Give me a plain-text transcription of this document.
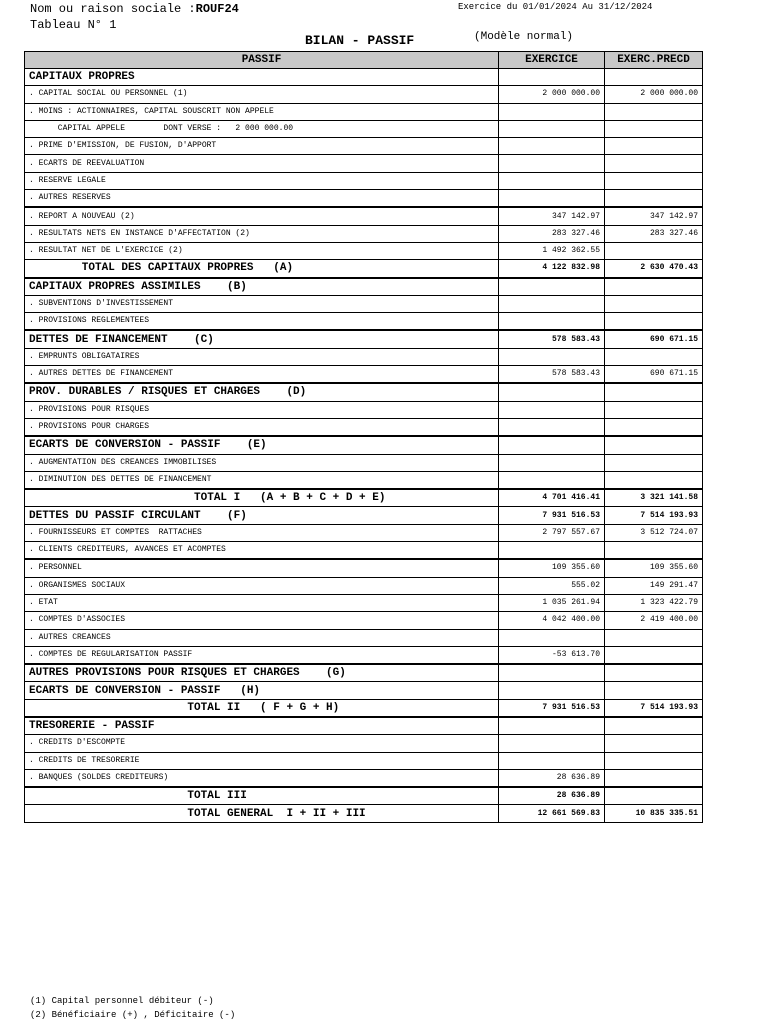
Nom ou raison sociale :ROUF24
Tableau N° 1
Exercice du 01/01/2024 Au 31/12/2024
BILAN - PASSIF	(Modèle normal)
PASSIF	EXERCICE	EXERC.PRECD
CAPITAUX PROPRES		
. CAPITAL SOCIAL OU PERSONNEL (1)	2 000 000.00	2 000 000.00
. MOINS : ACTIONNAIRES, CAPITAL SOUSCRIT NON APPELE		
CAPITAL APPELE        DONT VERSE :   2 000 000.00		
. PRIME D'EMISSION, DE FUSION, D'APPORT		
. ECARTS DE REEVALUATION		
. RESERVE LEGALE		
. AUTRES RESERVES		
. REPORT A NOUVEAU (2)	347 142.97	347 142.97
. RESULTATS NETS EN INSTANCE D'AFFECTATION (2)	283 327.46	283 327.46
. RESULTAT NET DE L'EXERCICE (2)	1 492 362.55	
TOTAL DES CAPITAUX PROPRES   (A)	4 122 832.98	2 630 470.43
CAPITAUX PROPRES ASSIMILES    (B)		
. SUBVENTIONS D'INVESTISSEMENT		
. PROVISIONS REGLEMENTEES		
DETTES DE FINANCEMENT    (C)	578 583.43	690 671.15
. EMPRUNTS OBLIGATAIRES		
. AUTRES DETTES DE FINANCEMENT	578 583.43	690 671.15
PROV. DURABLES / RISQUES ET CHARGES    (D)		
. PROVISIONS POUR RISQUES		
. PROVISIONS POUR CHARGES		
ECARTS DE CONVERSION - PASSIF    (E)		
. AUGMENTATION DES CREANCES IMMOBILISES		
. DIMINUTION DES DETTES DE FINANCEMENT		
TOTAL I   (A + B + C + D + E)	4 701 416.41	3 321 141.58
DETTES DU PASSIF CIRCULANT    (F)	7 931 516.53	7 514 193.93
. FOURNISSEURS ET COMPTES  RATTACHES	2 797 557.67	3 512 724.07
. CLIENTS CREDITEURS, AVANCES ET ACOMPTES		
. PERSONNEL	109 355.60	109 355.60
. ORGANISMES SOCIAUX	555.02	149 291.47
. ETAT	1 035 261.94	1 323 422.79
. COMPTES D'ASSOCIES	4 042 400.00	2 419 400.00
. AUTRES CREANCES		
. COMPTES DE REGULARISATION PASSIF	-53 613.70	
AUTRES PROVISIONS POUR RISQUES ET CHARGES    (G)		
ECARTS DE CONVERSION - PASSIF   (H)		
TOTAL II   ( F + G + H)	7 931 516.53	7 514 193.93
TRESORERIE - PASSIF		
. CREDITS D'ESCOMPTE		
. CREDITS DE TRESORERIE		
. BANQUES (SOLDES CREDITEURS)	28 636.89	
TOTAL III	28 636.89	
TOTAL GENERAL  I + II + III	12 661 569.83	10 835 335.51
(1) Capital personnel débiteur (-)
(2) Bénéficiaire (+) , Déficitaire (-)
